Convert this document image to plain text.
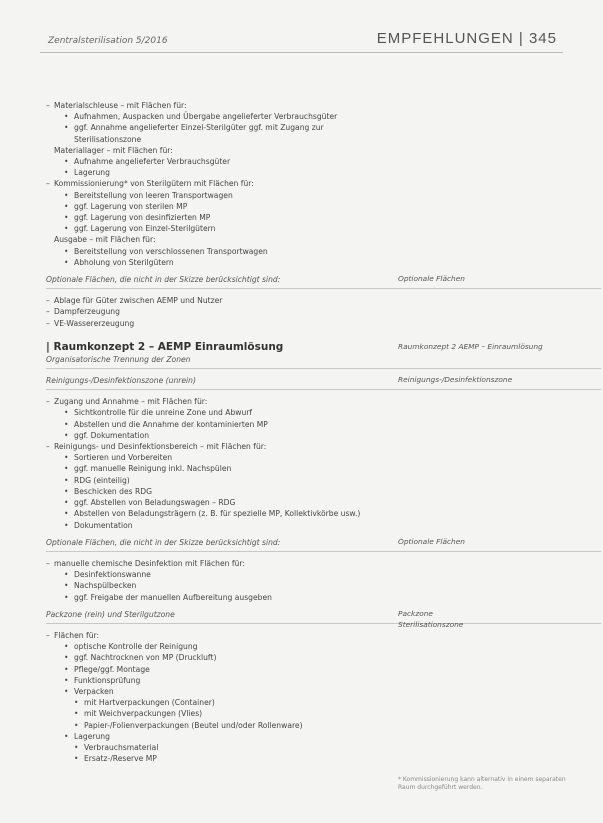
Zentralsterilisation 5/2016	EMPFEHLUNGEN | 345
– Materialschleuse – mit Flächen für:
• Aufnahmen, Auspacken und Übergabe angelieferter Verbrauchsgüter
• ggf. Annahme angelieferter Einzel-Sterilgüter ggf. mit Zugang zur Sterilisationszone
Materiallager – mit Flächen für:
• Aufnahme angelieferter Verbrauchsgüter
• Lagerung
– Kommissionierung* von Sterilgütern mit Flächen für:
• Bereitstellung von leeren Transportwagen
• ggf. Lagerung von sterilen MP
• ggf. Lagerung von desinfizierten MP
• ggf. Lagerung von Einzel-Sterilgütern
Ausgabe – mit Flächen für:
• Bereitstellung von verschlossenen Transportwagen
• Abholung von Sterilgütern
Optionale Flächen, die nicht in der Skizze berücksichtigt sind:
– Ablage für Güter zwischen AEMP und Nutzer
– Dampferzeugung
– VE-Wassererzeugung
| Raumkonzept 2 – AEMP Einraumlösung
Organisatorische Trennung der Zonen
Reinigungs-/Desinfektionszone (unrein)
– Zugang und Annahme – mit Flächen für:
• Sichtkontrolle für die unreine Zone und Abwurf
• Abstellen und die Annahme der kontaminierten MP
• ggf. Dokumentation
– Reinigungs- und Desinfektionsbereich – mit Flächen für:
• Sortieren und Vorbereiten
• ggf. manuelle Reinigung inkl. Nachspülen
• RDG (einteilig)
• Beschicken des RDG
• ggf. Abstellen von Beladungswagen – RDG
• Abstellen von Beladungsträgern (z. B. für spezielle MP, Kollektivkörbe usw.)
• Dokumentation
Optionale Flächen, die nicht in der Skizze berücksichtigt sind:
– manuelle chemische Desinfektion mit Flächen für:
• Desinfektionswanne
• Nachspülbecken
• ggf. Freigabe der manuellen Aufbereitung ausgeben
Packzone (rein) und Sterilgutzone
– Flächen für:
• optische Kontrolle der Reinigung
• ggf. Nachtrocknen von MP (Druckluft)
• Pflege/ggf. Montage
• Funktionsprüfung
• Verpacken
• mit Hartverpackungen (Container)
• mit Weichverpackungen (Vlies)
• Papier-/Folienverpackungen (Beutel und/oder Rollenware)
• Lagerung
• Verbrauchsmaterial
• Ersatz-/Reserve MP
Optionale Flächen
Raumkonzept 2 AEMP – Einraumlösung
Reinigungs-/Desinfektionszone
Optionale Flächen
Packzone
Sterilisationszone
* Kommissionierung kann alternativ in einem separaten Raum durchgeführt werden.
